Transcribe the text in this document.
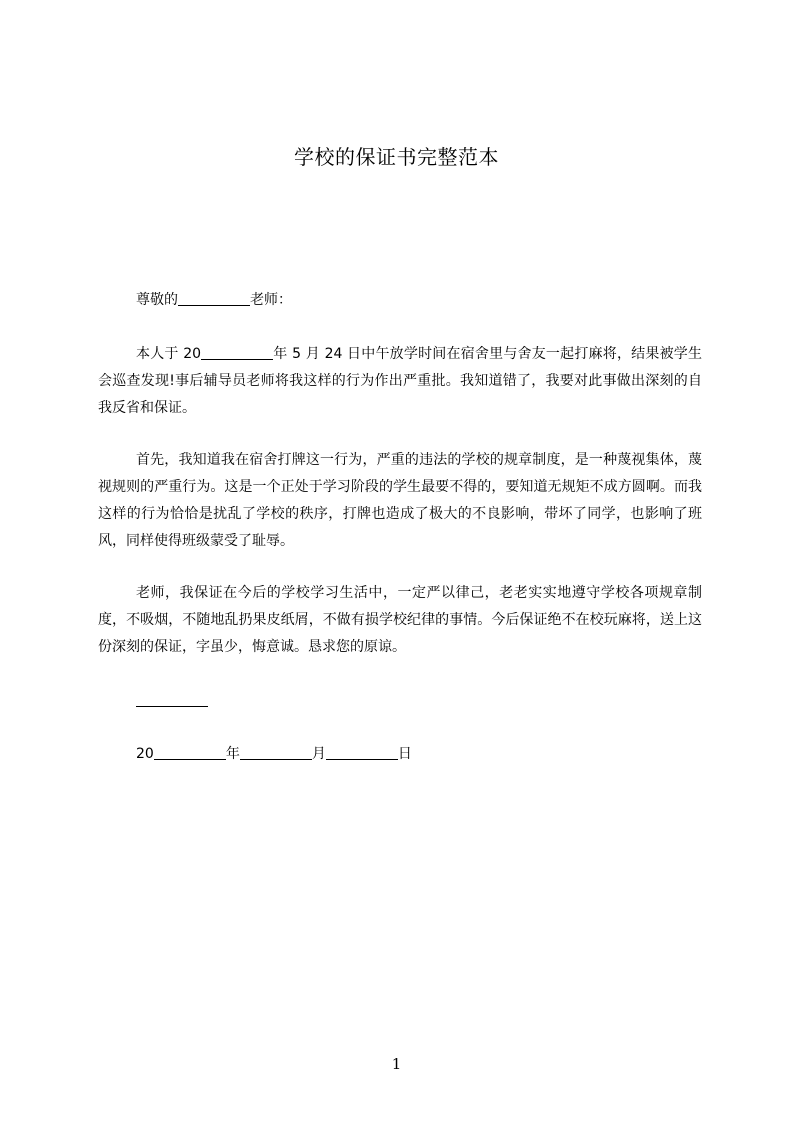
学校的保证书完整范本
尊敬的	老师：
本人于 20	年 5 月 24 日中午放学时间在宿舍里与舍友一起打麻将，结果被学生会巡查发现!事后辅导员老师将我这样的行为作出严重批。我知道错了，我要对此事做出深刻的自我反省和保证。
首先，我知道我在宿舍打牌这一行为，严重的违法的学校的规章制度，是一种蔑视集体，蔑视规则的严重行为。这是一个正处于学习阶段的学生最要不得的，要知道无规矩不成方圆啊。而我这样的行为恰恰是扰乱了学校的秩序，打牌也造成了极大的不良影响，带坏了同学，也影响了班风，同样使得班级蒙受了耻辱。
老师，我保证在今后的学校学习生活中，一定严以律己，老老实实地遵守学校各项规章制度，不吸烟，不随地乱扔果皮纸屑，不做有损学校纪律的事情。今后保证绝不在校玩麻将，送上这份深刻的保证，字虽少，悔意诚。恳求您的原谅。
20	年	月	日
1
